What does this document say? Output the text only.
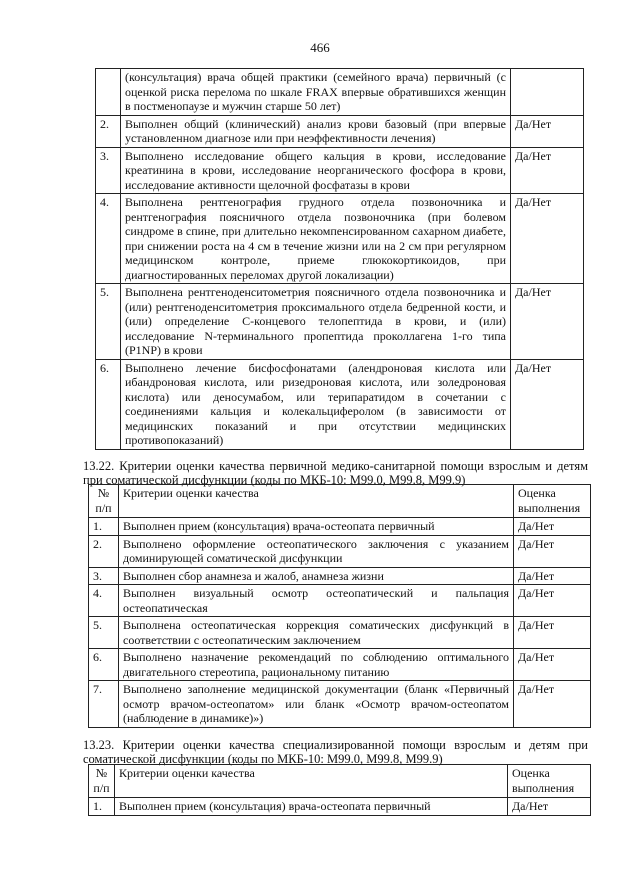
466
	(консультация) врача общей практики (семейного врача) первичный (с оценкой риска перелома по шкале FRAX впервые обратившихся женщин в постменопаузе и мужчин старше 50 лет)	
2.	Выполнен общий (клинический) анализ крови базовый (при впервые установленном диагнозе или при неэффективности лечения)	Да/Нет
3.	Выполнено исследование общего кальция в крови, исследование креатинина в крови, исследование неорганического фосфора в крови, исследование активности щелочной фосфатазы в крови	Да/Нет
4.	Выполнена рентгенография грудного отдела позвоночника и рентгенография поясничного отдела позвоночника (при болевом синдроме в спине, при длительно некомпенсированном сахарном диабете, при снижении роста на 4 см в течение жизни или на 2 см при регулярном медицинском контроле, приеме глюкокортикоидов, при диагностированных переломах другой локализации)	Да/Нет
5.	Выполнена рентгеноденситометрия поясничного отдела позвоночника и (или) рентгеноденситометрия проксимального отдела бедренной кости, и (или) определение С-концевого телопептида в крови, и (или) исследование N-терминального пропептида проколлагена 1-го типа (P1NP) в крови	Да/Нет
6.	Выполнено лечение бисфосфонатами (алендроновая кислота или ибандроновая кислота, или ризедроновая кислота, или золедроновая кислота) или деносумабом, или терипаратидом в сочетании с соединениями кальция и колекальциферолом (в зависимости от медицинских показаний и при отсутствии медицинских противопоказаний)	Да/Нет
13.22. Критерии оценки качества первичной медико-санитарной помощи взрослым и детям при соматической дисфункции (коды по МКБ-10: M99.0, M99.8, M99.9)
№ п/п	Критерии оценки качества	Оценка выполнения
1.	Выполнен прием (консультация) врача-остеопата первичный	Да/Нет
2.	Выполнено оформление остеопатического заключения с указанием доминирующей соматической дисфункции	Да/Нет
3.	Выполнен сбор анамнеза и жалоб, анамнеза жизни	Да/Нет
4.	Выполнен визуальный осмотр остеопатический и пальпация остеопатическая	Да/Нет
5.	Выполнена остеопатическая коррекция соматических дисфункций в соответствии с остеопатическим заключением	Да/Нет
6.	Выполнено назначение рекомендаций по соблюдению оптимального двигательного стереотипа, рациональному питанию	Да/Нет
7.	Выполнено заполнение медицинской документации (бланк «Первичный осмотр врачом-остеопатом» или бланк «Осмотр врачом-остеопатом (наблюдение в динамике)»)	Да/Нет
13.23. Критерии оценки качества специализированной помощи взрослым и детям при соматической дисфункции (коды по МКБ-10: M99.0, M99.8, M99.9)
№ п/п	Критерии оценки качества	Оценка выполнения
1.	Выполнен прием (консультация) врача-остеопата первичный	Да/Нет
